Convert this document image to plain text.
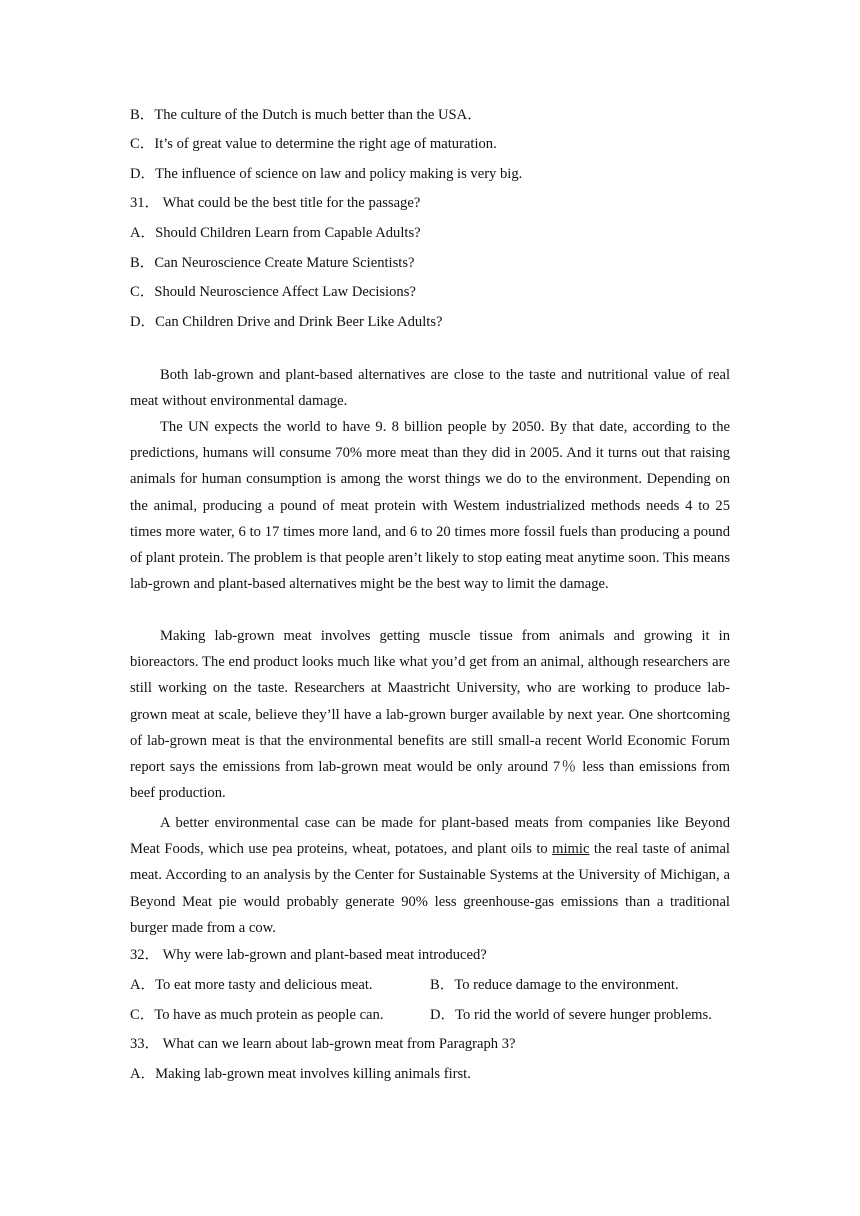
B．The culture of the Dutch is much better than the USA．
C．It’s of great value to determine the right age of maturation.
D．The influence of science on law and policy making is very big.
31． What could be the best title for the passage?
A．Should Children Learn from Capable Adults?
B．Can Neuroscience Create Mature Scientists?
C．Should Neuroscience Affect Law Decisions?
D．Can Children Drive and Drink Beer Like Adults?
Both lab-grown and plant-based alternatives are close to the taste and nutritional value of real meat without environmental damage.
The UN expects the world to have 9. 8 billion people by 2050. By that date, according to the predictions, humans will consume 70% more meat than they did in 2005. And it turns out that raising animals for human consumption is among the worst things we do to the environment. Depending on the animal, producing a pound of meat protein with Westem industrialized methods needs 4 to 25 times more water, 6 to 17 times more land, and 6 to 20 times more fossil fuels than producing a pound of plant protein. The problem is that people aren’t likely to stop eating meat anytime soon. This means lab-grown and plant-based alternatives might be the best way to limit the damage.
Making lab-grown meat involves getting muscle tissue from animals and growing it in bioreactors. The end product looks much like what you’d get from an animal, although researchers are still working on the taste. Researchers at Maastricht University, who are working to produce lab-grown meat at scale, believe they’ll have a lab-grown burger available by next year. One shortcoming of lab-grown meat is that the environmental benefits are still small-a recent World Economic Forum report says the emissions from lab-grown meat would be only around 7％ less than emissions from beef production.
A better environmental case can be made for plant-based meats from companies like Beyond Meat Foods, which use pea proteins, wheat, potatoes, and plant oils to mimic the real taste of animal meat. According to an analysis by the Center for Sustainable Systems at the University of Michigan, a Beyond Meat pie would probably generate 90% less greenhouse-gas emissions than a traditional burger made from a cow.
32． Why were lab-grown and plant-based meat introduced?
A．To eat more tasty and delicious meat.	B．To reduce damage to the environment.
C．To have as much protein as people can.	D．To rid the world of severe hunger problems.
33． What can we learn about lab-grown meat from Paragraph 3?
A．Making lab-grown meat involves killing animals first.
